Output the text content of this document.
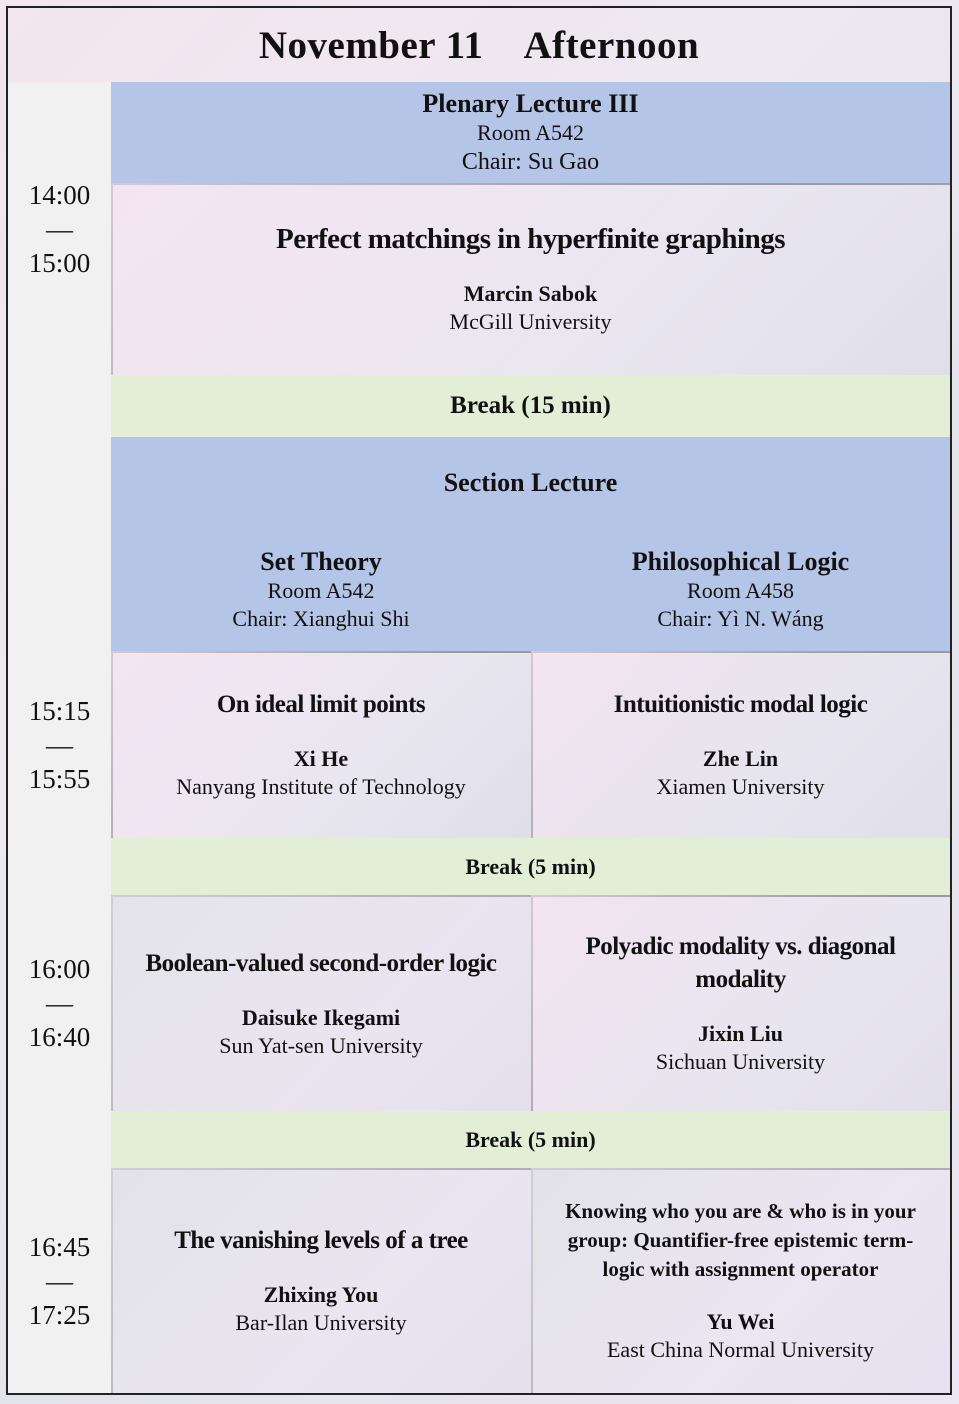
November 11 Afternoon
14:00
—
15:00
Plenary Lecture III
Room A542
Chair: Su Gao
Perfect matchings in hyperfinite graphings
Marcin Sabok
McGill University
Break (15 min)
Section Lecture
Set Theory
Room A542
Chair: Xianghui Shi
Philosophical Logic
Room A458
Chair: Yì N. Wáng
15:15
—
15:55
On ideal limit points
Xi He
Nanyang Institute of Technology
Intuitionistic modal logic
Zhe Lin
Xiamen University
Break (5 min)
16:00
—
16:40
Boolean-valued second-order logic
Daisuke Ikegami
Sun Yat-sen University
Polyadic modality vs. diagonal
modality
Jixin Liu
Sichuan University
Break (5 min)
16:45
—
17:25
The vanishing levels of a tree
Zhixing You
Bar-Ilan University
Knowing who you are & who is in your
group: Quantifier-free epistemic term-
logic with assignment operator
Yu Wei
East China Normal University
